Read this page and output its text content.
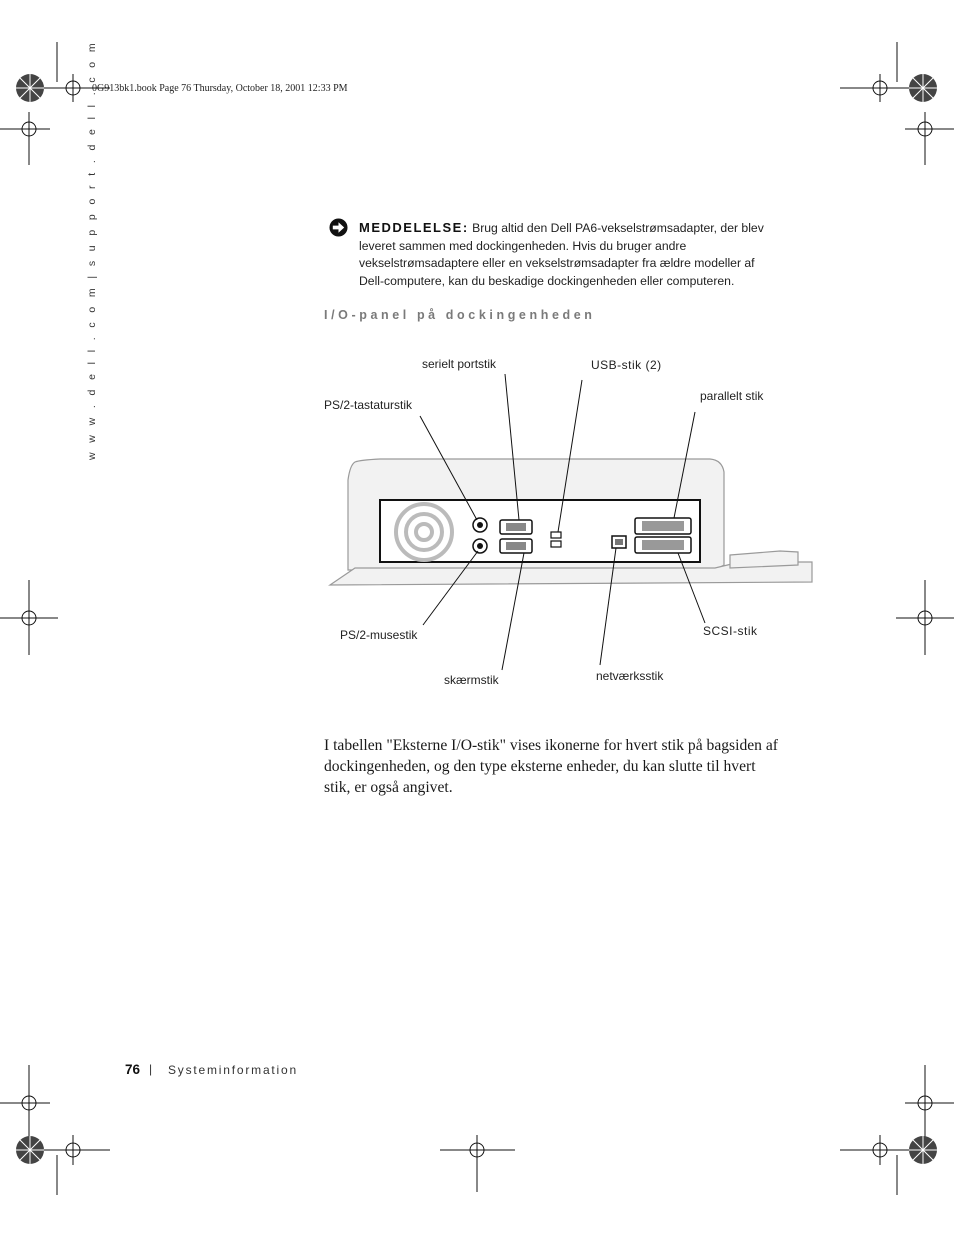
0G913bk1.book Page 76 Thursday, October 18, 2001 12:33 PM
w w w . d e l l . c o m | s u p p o r t . d e l l . c o m	MEDDELELSE: Brug altid den Dell PA6-vekselstrømsadapter, der blev leveret sammen med dockingenheden. Hvis du bruger andre vekselstrømsadaptere eller en vekselstrømsadapter fra ældre modeller af Dell-computere, kan du beskadige dockingenheden eller computeren.
I/O-panel på dockingenheden
serielt portstik	USB-stik (2)
parallelt stik
PS/2-tastaturstik
PS/2-musestik
skærmstik	netværksstik
SCSI-stik
I tabellen "Eksterne I/O-stik" vises ikonerne for hvert stik på bagsiden af dockingenheden, og den type eksterne enheder, du kan slutte til hvert stik, er også angivet.
76 | Systeminformation
